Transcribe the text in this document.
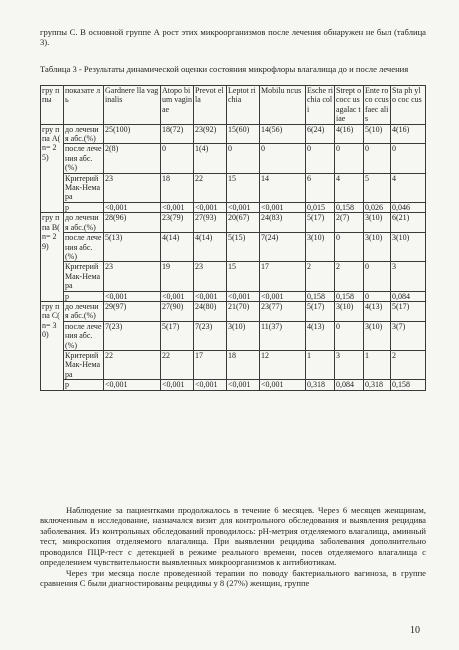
группы С. В основной группе А рост этих микроорганизмов после лечения обнаружен не был (таблица 3).

Таблица 3 - Результаты динамической оценки состояния микрофлоры влагалища до и после лечения

гру ппы	показате ль	Gardnere lla vaginalis	Atopo bium vagin ae	Prevot ella	Leptot richia	Mobilu ncus	Esche richia coli	Strept ococc us agalac tiae	Ente roco ccus faec alis	Sta ph ylo coc cus
гру ппа А( n= 25)	до лечения абс.(%)	25(100)	18(72)	23(92)	15(60)	14(56)	6(24)	4(16)	5(10)	4(16)
	после лечения абс.(%)	2(8)	0	1(4)	0	0	0	0	0	0
	Критерий Мак-Немара	23	18	22	15	14	6	4	5	4
	p	<0,001	<0,001	<0,001	<0,001	<0,001	0,015	0,158	0,026	0,046
гру ппа В( n= 29)	до лечения абс.(%)	28(96)	23(79)	27(93)	20(67)	24(83)	5(17)	2(7)	3(10)	6(21)
	после лечения абс.(%)	5(13)	4(14)	4(14)	5(15)	7(24)	3(10)	0	3(10)	3(10)
	Критерий Мак-Немара	23	19	23	15	17	2	2	0	3
	p	<0,001	<0,001	<0,001	<0,001	<0,001	0,158	0,158	0	0,084
гру ппа С( n= 30)	до лечения абс.(%)	29(97)	27(90)	24(80)	21(70)	23(77)	5(17)	3(10)	4(13)	5(17)
	после лечения абс.(%)	7(23)	5(17)	7(23)	3(10)	11(37)	4(13)	0	3(10)	3(7)
	Критерий Мак-Немара	22	22	17	18	12	1	3	1	2
	p	<0,001	<0,001	<0,001	<0,001	<0,001	0,318	0,084	0,318	0,158

Наблюдение за пациентками продолжалось в течение 6 месяцев. Через 6 месяцев женщинам, включенным в исследование, назначался визит для контрольного обследования и выявления рецидива заболевания. Из контрольных обследований проводилось: рН-метрия отделяемого влагалища, аминный тест, микроскопия отделяемого влагалища. При выявлении рецидива заболевания дополнительно проводился ПЦР-тест с детекцией в режиме реального времени, посев отделяемого влагалища с определением чувствительности выявленных микроорганизмов к антибиотикам.

Через три месяца после проведенной терапии по поводу бактериального вагиноза, в группе сравнения С были диагностированы рецидивы у 8 (27%) женщин, группе

10
